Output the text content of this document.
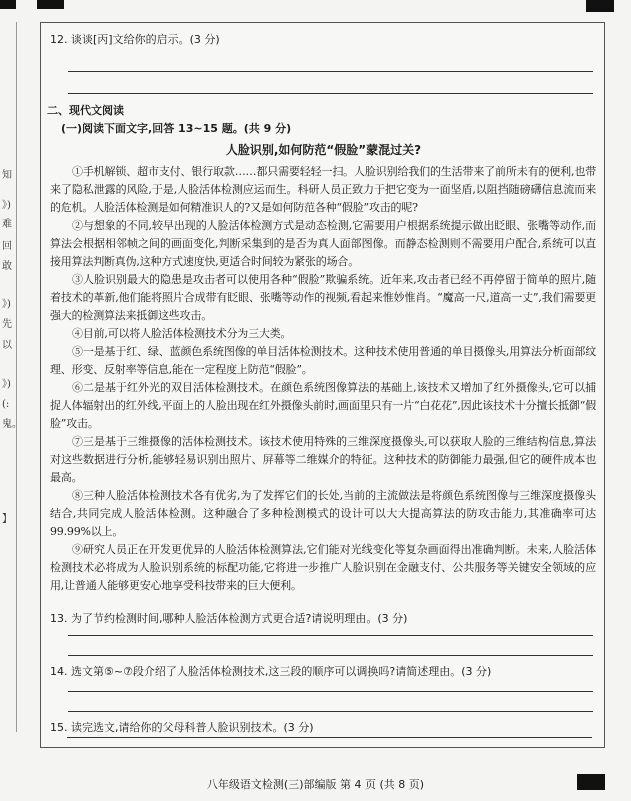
知
》)
难
回
敢
》)
先
以
》)
(:
鬼。
】
12. 谈谈[丙]文给你的启示。(3 分)
二、现代文阅读
(一)阅读下面文字,回答 13~15 题。(共 9 分)
人脸识别,如何防范“假脸”蒙混过关?

①手机解锁、超市支付、银行取款……都只需要轻轻一扫。人脸识别给我们的生活带来了前所未有的便利,也带来了隐私泄露的风险,于是,人脸活体检测应运而生。科研人员正致力于把它变为一面坚盾,以阻挡随磅礴信息流而来的危机。人脸活体检测是如何精准识人的?又是如何防范各种“假脸”攻击的呢?

②与想象的不同,较早出现的人脸活体检测方式是动态检测,它需要用户根据系统提示做出眨眼、张嘴等动作,而算法会根据相邻帧之间的画面变化,判断采集到的是否为真人面部图像。而静态检测则不需要用户配合,系统可以直接用算法判断真伪,这种方式速度快,更适合时间较为紧张的场合。

③人脸识别最大的隐患是攻击者可以使用各种“假脸”欺骗系统。近年来,攻击者已经不再停留于简单的照片,随着技术的革新,他们能将照片合成带有眨眼、张嘴等动作的视频,看起来惟妙惟肖。“魔高一尺,道高一丈”,我们需要更强大的检测算法来抵御这些攻击。

④目前,可以将人脸活体检测技术分为三大类。

⑤一是基于红、绿、蓝颜色系统图像的单目活体检测技术。这种技术使用普通的单目摄像头,用算法分析面部纹理、形变、反射率等信息,能在一定程度上防范“假脸”。

⑥二是基于红外光的双目活体检测技术。在颜色系统图像算法的基础上,该技术又增加了红外摄像头,它可以捕捉人体辐射出的红外线,平面上的人脸出现在红外摄像头前时,画面里只有一片“白花花”,因此该技术十分擅长抵御“假脸”攻击。

⑦三是基于三维摄像的活体检测技术。该技术使用特殊的三维深度摄像头,可以获取人脸的三维结构信息,算法对这些数据进行分析,能够轻易识别出照片、屏幕等二维媒介的特征。这种技术的防御能力最强,但它的硬件成本也最高。

⑧三种人脸活体检测技术各有优劣,为了发挥它们的长处,当前的主流做法是将颜色系统图像与三维深度摄像头结合,共同完成人脸活体检测。这种融合了多种检测模式的设计可以大大提高算法的防攻击能力,其准确率可达 99.99%以上。

⑨研究人员正在开发更优异的人脸活体检测算法,它们能对光线变化等复杂画面得出准确判断。未来,人脸活体检测技术必将成为人脸识别系统的标配功能,它将进一步推广人脸识别在金融支付、公共服务等关键安全领域的应用,让普通人能够更安心地享受科技带来的巨大便利。

13. 为了节约检测时间,哪种人脸活体检测方式更合适?请说明理由。(3 分)
14. 选文第⑤~⑦段介绍了人脸活体检测技术,这三段的顺序可以调换吗?请简述理由。(3 分)
15. 读完选文,请给你的父母科普人脸识别技术。(3 分)
八年级语文检测(三)部编版 第 4 页 (共 8 页)
